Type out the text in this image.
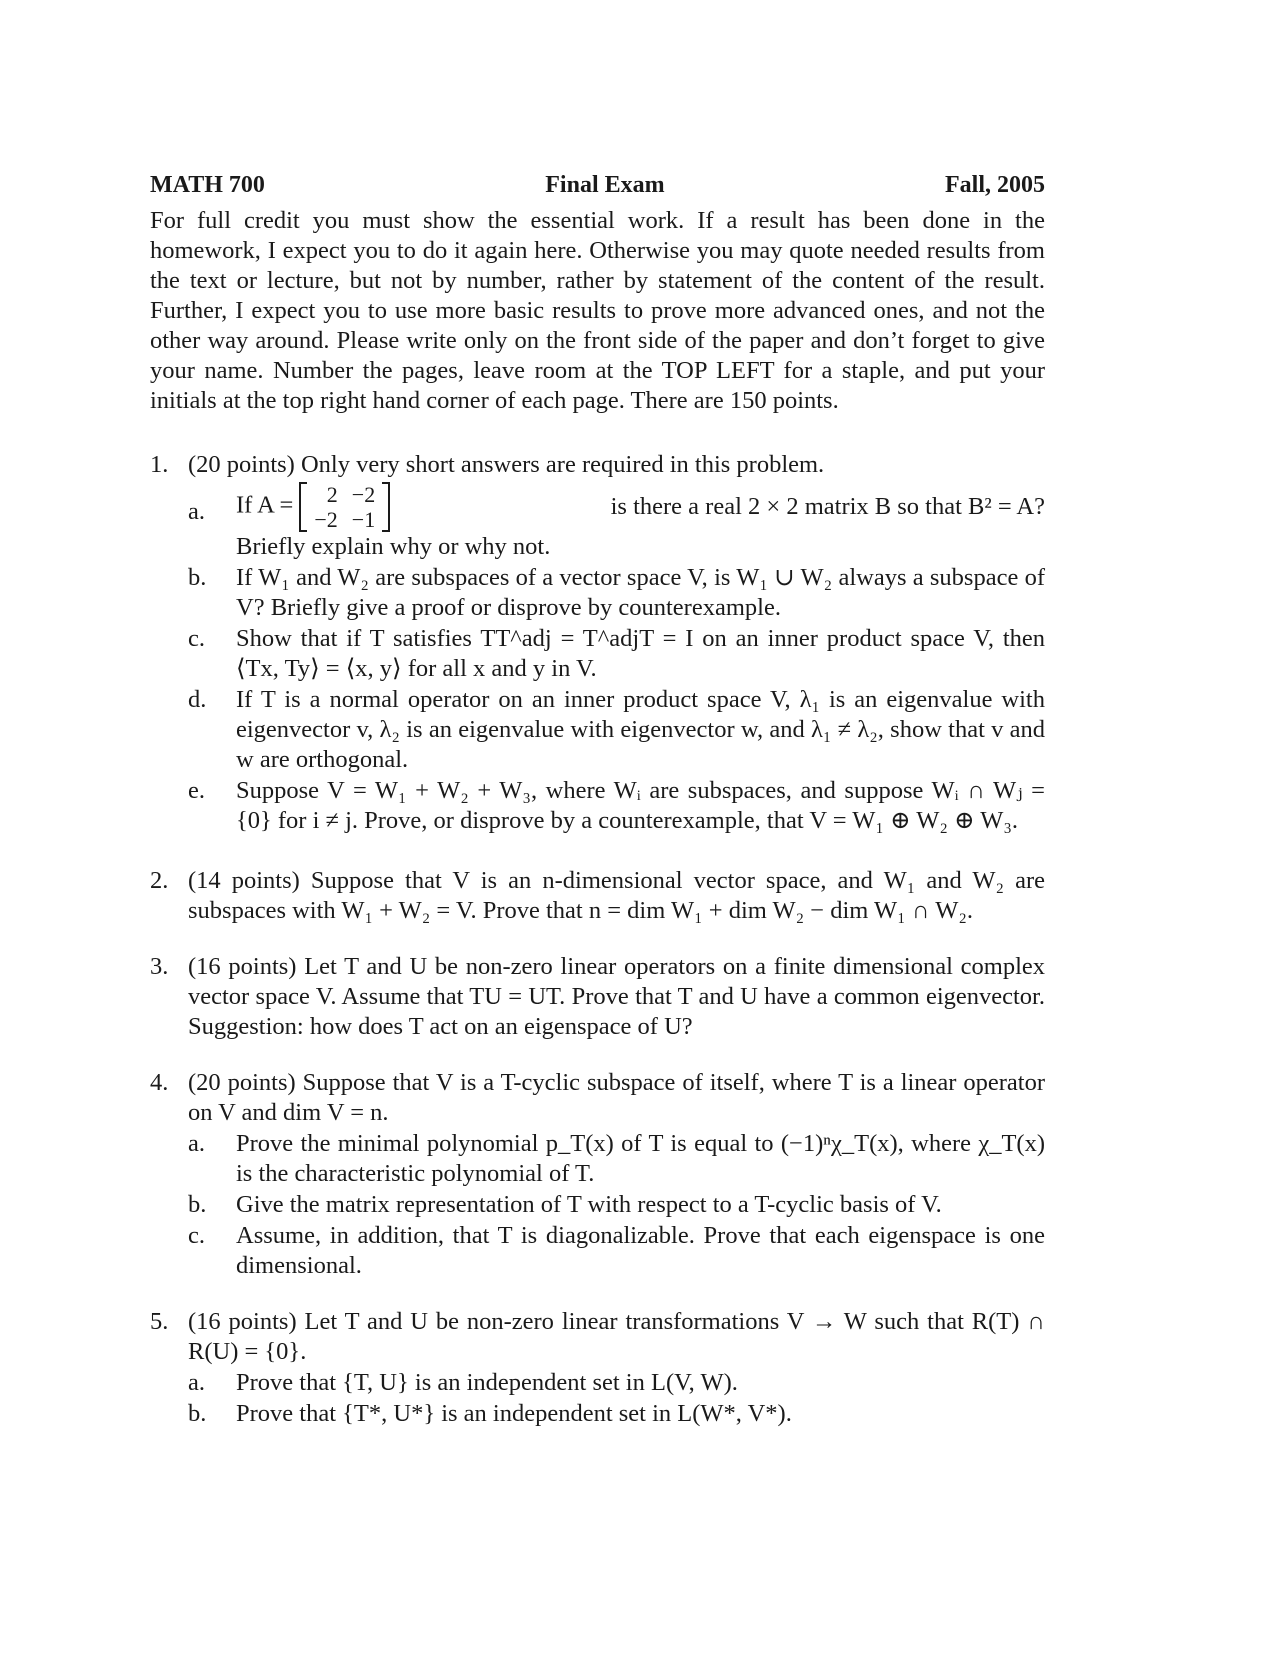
MATH 700	Final Exam	Fall, 2005
For full credit you must show the essential work. If a result has been done in the homework, I expect you to do it again here. Otherwise you may quote needed results from the text or lecture, but not by number, rather by statement of the content of the result. Further, I expect you to use more basic results to prove more advanced ones, and not the other way around. Please write only on the front side of the paper and don’t forget to give your name. Number the pages, leave room at the TOP LEFT for a staple, and put your initials at the top right hand corner of each page. There are 150 points.
1. (20 points) Only very short answers are required in this problem.
a. If A = 2	−2
−2	−1	is there a real 2 × 2 matrix B so that B² = A?
Briefly explain why or why not.
b. If W₁ and W₂ are subspaces of a vector space V, is W₁ ∪ W₂ always a subspace of V? Briefly give a proof or disprove by counterexample.
c. Show that if T satisfies TT^adj = T^adjT = I on an inner product space V, then ⟨Tx, Ty⟩ = ⟨x, y⟩ for all x and y in V.
d. If T is a normal operator on an inner product space V, λ₁ is an eigenvalue with eigenvector v, λ₂ is an eigenvalue with eigenvector w, and λ₁ ≠ λ₂, show that v and w are orthogonal.
e. Suppose V = W₁ + W₂ + W₃, where Wᵢ are subspaces, and suppose Wᵢ ∩ Wⱼ = {0} for i ≠ j. Prove, or disprove by a counterexample, that V = W₁ ⊕ W₂ ⊕ W₃.
2. (14 points) Suppose that V is an n-dimensional vector space, and W₁ and W₂ are subspaces with W₁ + W₂ = V. Prove that n = dim W₁ + dim W₂ − dim W₁ ∩ W₂.
3. (16 points) Let T and U be non-zero linear operators on a finite dimensional complex vector space V. Assume that TU = UT. Prove that T and U have a common eigenvector. Suggestion: how does T act on an eigenspace of U?
4. (20 points) Suppose that V is a T-cyclic subspace of itself, where T is a linear operator on V and dim V = n.
a. Prove the minimal polynomial p_T(x) of T is equal to (−1)ⁿχ_T(x), where χ_T(x) is the characteristic polynomial of T.
b. Give the matrix representation of T with respect to a T-cyclic basis of V.
c. Assume, in addition, that T is diagonalizable. Prove that each eigenspace is one dimensional.
5. (16 points) Let T and U be non-zero linear transformations V → W such that R(T) ∩ R(U) = {0}.
a. Prove that {T, U} is an independent set in L(V, W).
b. Prove that {T*, U*} is an independent set in L(W*, V*).
